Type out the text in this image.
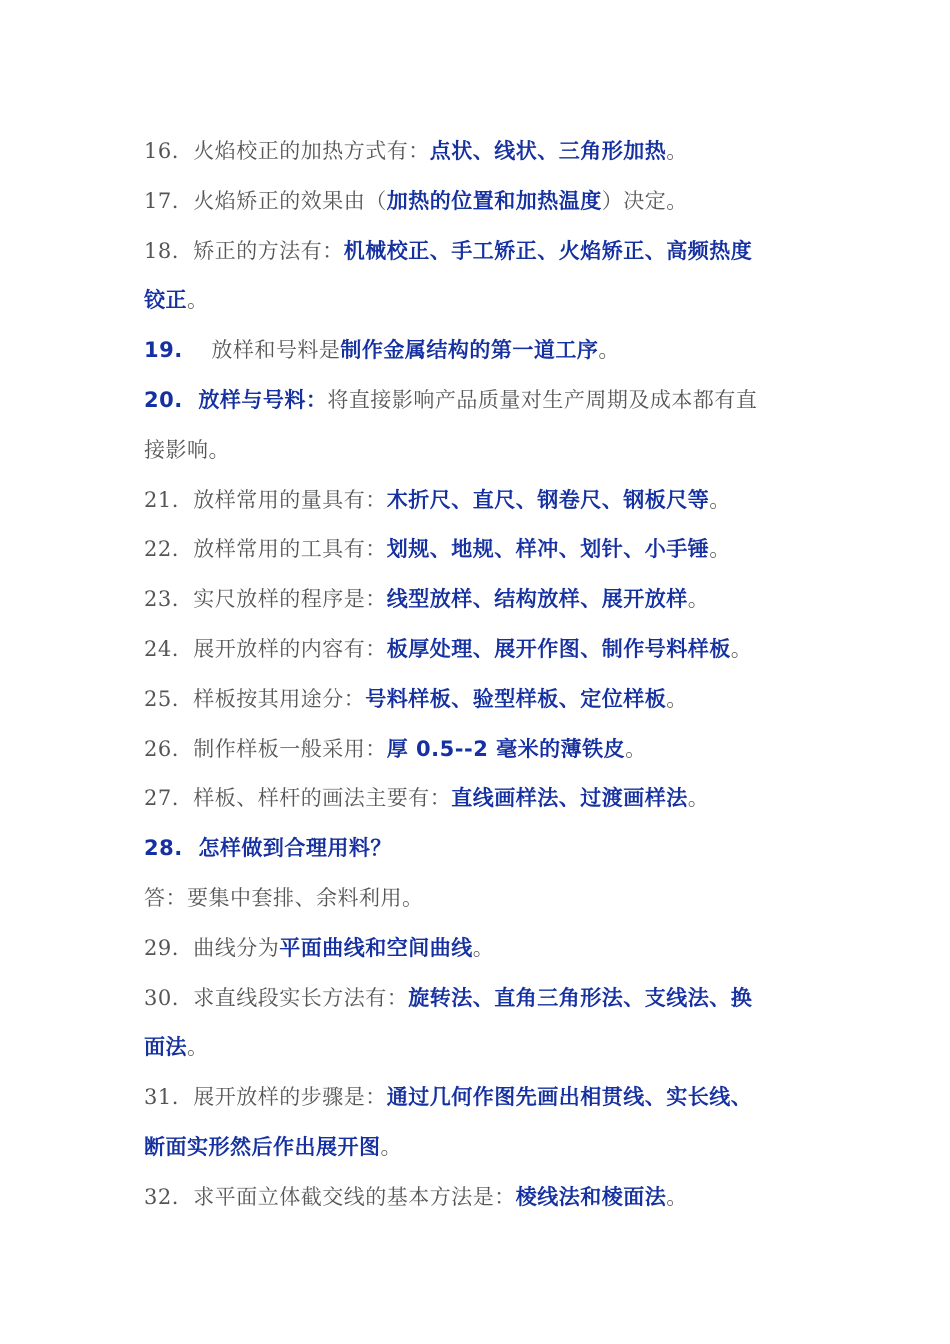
16.  火焰校正的加热方式有：点状、线状、三角形加热。
17.  火焰矫正的效果由（加热的位置和加热温度）决定。
18.  矫正的方法有：机械校正、手工矫正、火焰矫正、高频热度
铰正。
19.    放样和号料是制作金属结构的第一道工序。
20.  放样与号料：将直接影响产品质量对生产周期及成本都有直
接影响。
21.  放样常用的量具有：木折尺、直尺、钢卷尺、钢板尺等。
22.  放样常用的工具有：划规、地规、样冲、划针、小手锤。
23.  实尺放样的程序是：线型放样、结构放样、展开放样。
24.  展开放样的内容有：板厚处理、展开作图、制作号料样板。
25.  样板按其用途分：号料样板、验型样板、定位样板。
26.  制作样板一般采用：厚 0.5--2 毫米的薄铁皮。
27.  样板、样杆的画法主要有：直线画样法、过渡画样法。
28.  怎样做到合理用料？
答：要集中套排、余料利用。
29.  曲线分为平面曲线和空间曲线。
30.  求直线段实长方法有：旋转法、直角三角形法、支线法、换
面法。
31.  展开放样的步骤是：通过几何作图先画出相贯线、实长线、
断面实形然后作出展开图。
32.  求平面立体截交线的基本方法是：棱线法和棱面法。
